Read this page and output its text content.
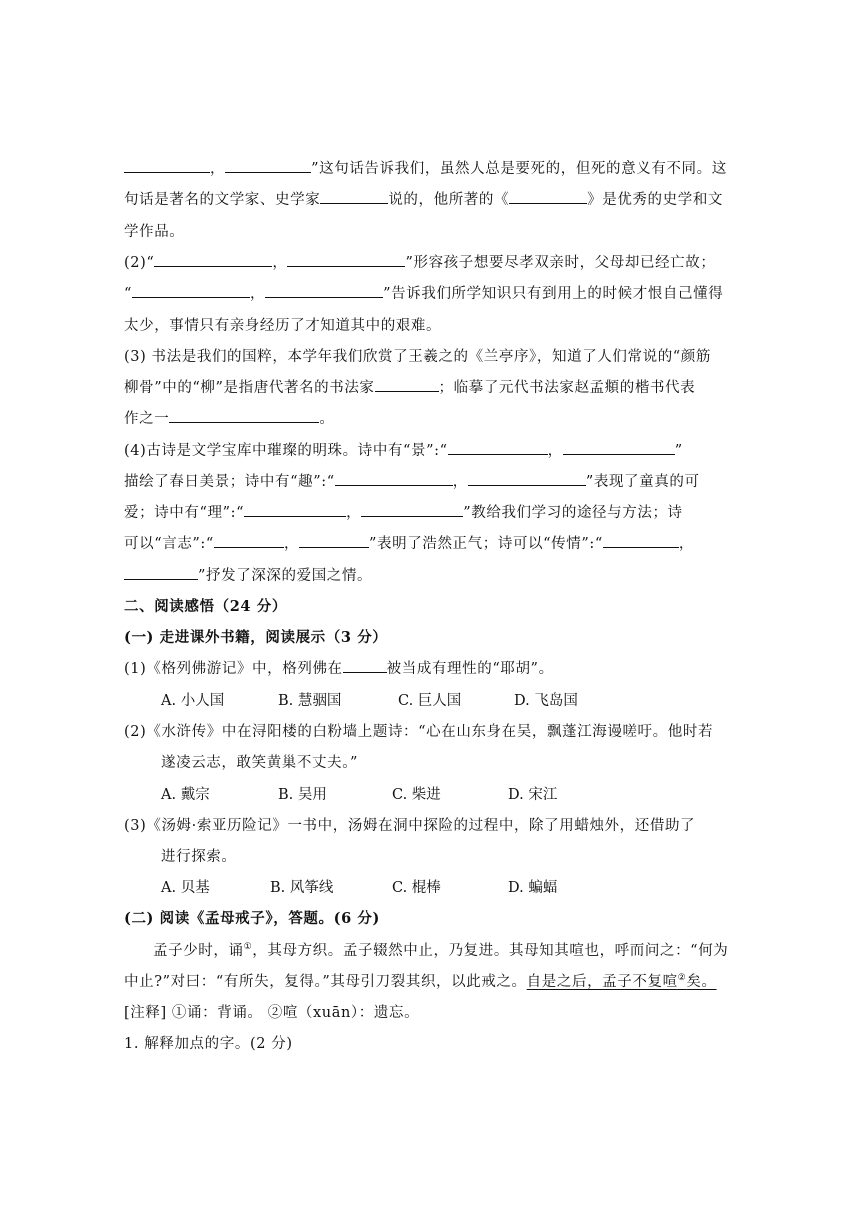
，	”这句话告诉我们，虽然人总是要死的，但死的意义有不同。这
句话是著名的文学家、史学家	说的，他所著的《	》是优秀的史学和文
学作品。
(2)“	，	”形容孩子想要尽孝双亲时，父母却已经亡故；
“	，	”告诉我们所学知识只有到用上的时候才恨自己懂得
太少，事情只有亲身经历了才知道其中的艰难。
(3) 书法是我们的国粹，本学年我们欣赏了王羲之的《兰亭序》，知道了人们常说的“颜筋
柳骨”中的“柳”是指唐代著名的书法家	；临摹了元代书法家赵孟頫的楷书代表
作之一	。
(4)古诗是文学宝库中璀璨的明珠。诗中有“景”:“	，	”
描绘了春日美景；诗中有“趣”:“	，	”表现了童真的可
爱；诗中有“理”:“	，	”教给我们学习的途径与方法；诗
可以“言志”:“	，	”表明了浩然正气；诗可以“传情”:“	，
”抒发了深深的爱国之情。
二、阅读感悟（24 分）
(一) 走进课外书籍，阅读展示（3 分）
(1)《格列佛游记》中，格列佛在	被当成有理性的“耶胡”。
A. 小人国	B. 慧骃国	C. 巨人国	D. 飞岛国
(2)《水浒传》中在浔阳楼的白粉墙上题诗：“心在山东身在吴，飘蓬江海谩嗟吁。他时若
遂凌云志，敢笑黄巢不丈夫。”
A. 戴宗	B. 吴用	C. 柴进	D. 宋江
(3)《汤姆·索亚历险记》一书中，汤姆在洞中探险的过程中，除了用蜡烛外，还借助了
进行探索。
A. 贝基	B. 风筝线	C. 棍棒	D. 蝙蝠
(二) 阅读《孟母戒子》，答题。(6 分)
孟子少时，诵①，其母方织。孟子辍然中止，乃复进。其母知其喧也，呼而问之：“何为
中止?”对曰：“有所失，复得。”其母引刀裂其织，以此戒之。自是之后，孟子不复喧②矣。
[注释] ①诵：背诵。 ②喧（xuān）：遗忘。
1. 解释加点的字。(2 分)
